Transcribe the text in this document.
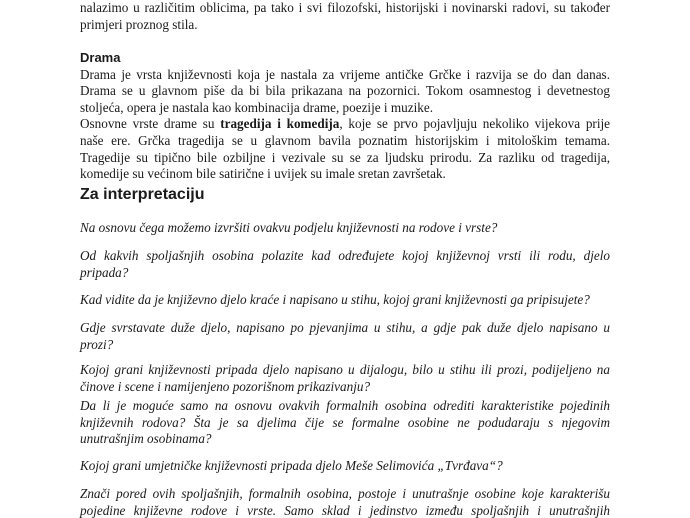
nalazimo u različitim oblicima, pa tako i svi filozofski, historijski i novinarski radovi, su također
primjeri proznog stila.
Drama
Drama je vrsta književnosti koja je nastala za vrijeme antičke Grčke i razvija se do dan danas.
Drama se u glavnom piše da bi bila prikazana na pozornici. Tokom osamnestog i devetnestog
stoljeća, opera je nastala kao kombinacija drame, poezije i muzike.
Osnovne vrste drame su tragedija i komedija, koje se prvo pojavljuju nekoliko vijekova prije
naše ere. Grčka tragedija se u glavnom bavila poznatim historijskim i mitološkim temama.
Tragedije su tipično bile ozbiljne i vezivale su se za ljudsku prirodu. Za razliku od tragedija,
komedije su većinom bile satirične i uvijek su imale sretan završetak.
Za interpretaciju
Na osnovu čega možemo izvršiti ovakvu podjelu književnosti na rodove i vrste?
Od kakvih spoljašnjih osobina polazite kad određujete kojoj književnoj vrsti ili rodu, djelo
pripada?
Kad vidite da je književno djelo kraće i napisano u stihu, kojoj grani književnosti ga pripisujete?
Gdje svrstavate duže djelo, napisano po pjevanjima u stihu, a gdje pak duže djelo napisano u
prozi?
Kojoj grani književnosti pripada djelo napisano u dijalogu, bilo u stihu ili prozi, podijeljeno na
činove i scene i namijenjeno pozorišnom prikazivanju?
Da li je moguće samo na osnovu ovakvih formalnih osobina odrediti karakteristike pojedinih
književnih rodova? Šta je sa djelima čije se formalne osobine ne podudaraju s njegovim
unutrašnjim osobinama?
Kojoj grani umjetničke književnosti pripada djelo Meše Selimovića „Tvrđava“?
Znači pored ovih spoljašnjih, formalnih osobina, postoje i unutrašnje osobine koje karakterišu
pojedine književne rodove i vrste. Samo sklad i jedinstvo između spoljašnjih i unutrašnjih
